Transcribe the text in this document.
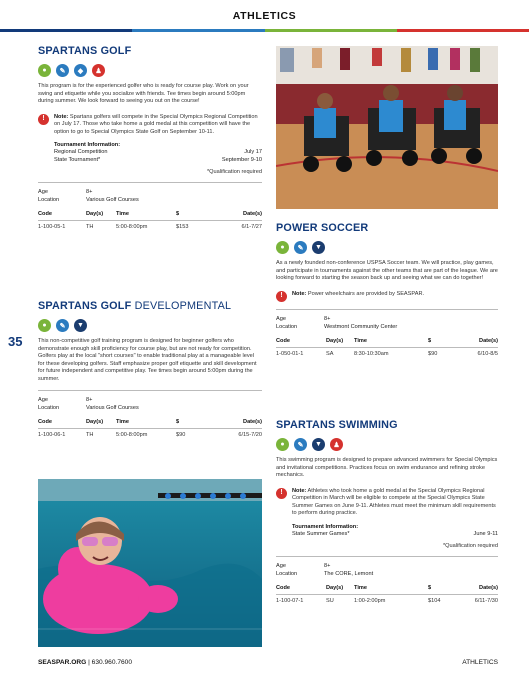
ATHLETICS
35
SPARTANS GOLF
●	✎	◆	♟
This program is for the experienced golfer who is ready for course play. Work on your swing and etiquette while you socialize with friends. Tee times begin around 5:00pm during summer. We look forward to seeing you out on the course!
!	Note: Spartans golfers will compete in the Special Olympics Regional Competition on July 17. Those who take home a gold medal at this competition will have the option to go to Special Olympics State Golf on September 10-11.
Tournament Information:
Regional Competition	July 17
State Tournament*	September 9-10
*Qualification required
Age	8+
Location	Various Golf Courses
Code	Day(s)	Time	$	Date(s)
1-100-05-1	TH	5:00-8:00pm	$153	6/1-7/27
SPARTANS GOLF DEVELOPMENTAL
●	✎	▼
This non-competitive golf training program is designed for beginner golfers who demonstrate enough skill proficiency for course play, but are not ready for competition. Golfers play at the local "short courses" to enable traditional play at a manageable level for these developing golfers. Staff emphasize proper golf etiquette and skill development for future independent and competitive play. Tee times begin around 5:00pm during the summer.
Age	8+
Location	Various Golf Courses
Code	Day(s)	Time	$	Date(s)
1-100-06-1	TH	5:00-8:00pm	$90	6/15-7/20
POWER SOCCER
●	✎	▼
As a newly founded non-conference USPSA Soccer team. We will practice, play games, and participate in tournaments against the other teams that are part of the league. We are looking forward to starting the season back up and seeing what we can do together!
!	Note: Power wheelchairs are provided by SEASPAR.
Age	8+
Location	Westmont Community Center
Code	Day(s)	Time	$	Date(s)
1-050-01-1	SA	8:30-10:30am	$90	6/10-8/5
SPARTANS SWIMMING
●	✎	▼	♟
This swimming program is designed to prepare advanced swimmers for Special Olympics and invitational competitions. Practices focus on swim endurance and refining stroke mechanics.
!	Note: Athletes who took home a gold medal at the Special Olympics Regional Competition in March will be eligible to compete at the Special Olympics State Summer Games on June 9-11. Athletes must meet the minimum skill requirements to perform during practice.
Tournament Information:
State Summer Games*	June 9-11
*Qualification required
Age	8+
Location	The CORE, Lemont
Code	Day(s)	Time	$	Date(s)
1-100-07-1	SU	1:00-2:00pm	$104	6/11-7/30
SEASPAR.ORG | 630.960.7600	ATHLETICS
